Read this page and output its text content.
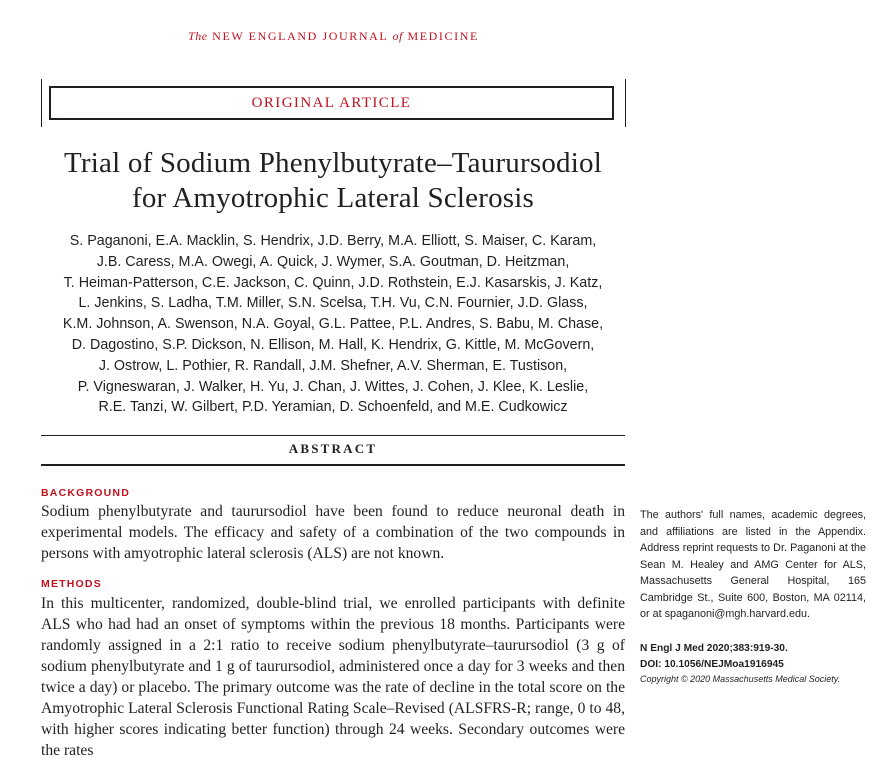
The NEW ENGLAND JOURNAL of MEDICINE
ORIGINAL ARTICLE
Trial of Sodium Phenylbutyrate–Taurursodiol
for Amyotrophic Lateral Sclerosis
S. Paganoni, E.A. Macklin, S. Hendrix, J.D. Berry, M.A. Elliott, S. Maiser, C. Karam,
J.B. Caress, M.A. Owegi, A. Quick, J. Wymer, S.A. Goutman, D. Heitzman,
T. Heiman-Patterson, C.E. Jackson, C. Quinn, J.D. Rothstein, E.J. Kasarskis, J. Katz,
L. Jenkins, S. Ladha, T.M. Miller, S.N. Scelsa, T.H. Vu, C.N. Fournier, J.D. Glass,
K.M. Johnson, A. Swenson, N.A. Goyal, G.L. Pattee, P.L. Andres, S. Babu, M. Chase,
D. Dagostino, S.P. Dickson, N. Ellison, M. Hall, K. Hendrix, G. Kittle, M. McGovern,
J. Ostrow, L. Pothier, R. Randall, J.M. Shefner, A.V. Sherman, E. Tustison,
P. Vigneswaran, J. Walker, H. Yu, J. Chan, J. Wittes, J. Cohen, J. Klee, K. Leslie,
R.E. Tanzi, W. Gilbert, P.D. Yeramian, D. Schoenfeld, and M.E. Cudkowicz
ABSTRACT
BACKGROUND
Sodium phenylbutyrate and taurursodiol have been found to reduce neuronal death in experimental models. The efficacy and safety of a combination of the two compounds in persons with amyotrophic lateral sclerosis (ALS) are not known.
METHODS
In this multicenter, randomized, double-blind trial, we enrolled participants with definite ALS who had had an onset of symptoms within the previous 18 months. Participants were randomly assigned in a 2:1 ratio to receive sodium phenylbutyrate–taurursodiol (3 g of sodium phenylbutyrate and 1 g of taurursodiol, administered once a day for 3 weeks and then twice a day) or placebo. The primary outcome was the rate of decline in the total score on the Amyotrophic Lateral Sclerosis Functional Rating Scale–Revised (ALSFRS-R; range, 0 to 48, with higher scores indicating better function) through 24 weeks. Secondary outcomes were the rates
The authors' full names, academic degrees, and affiliations are listed in the Appendix. Address reprint requests to Dr. Paganoni at the Sean M. Healey and AMG Center for ALS, Massachusetts General Hospital, 165 Cambridge St., Suite 600, Boston, MA 02114, or at spaganoni@mgh.harvard.edu.
N Engl J Med 2020;383:919-30.
DOI: 10.1056/NEJMoa1916945
Copyright © 2020 Massachusetts Medical Society.
